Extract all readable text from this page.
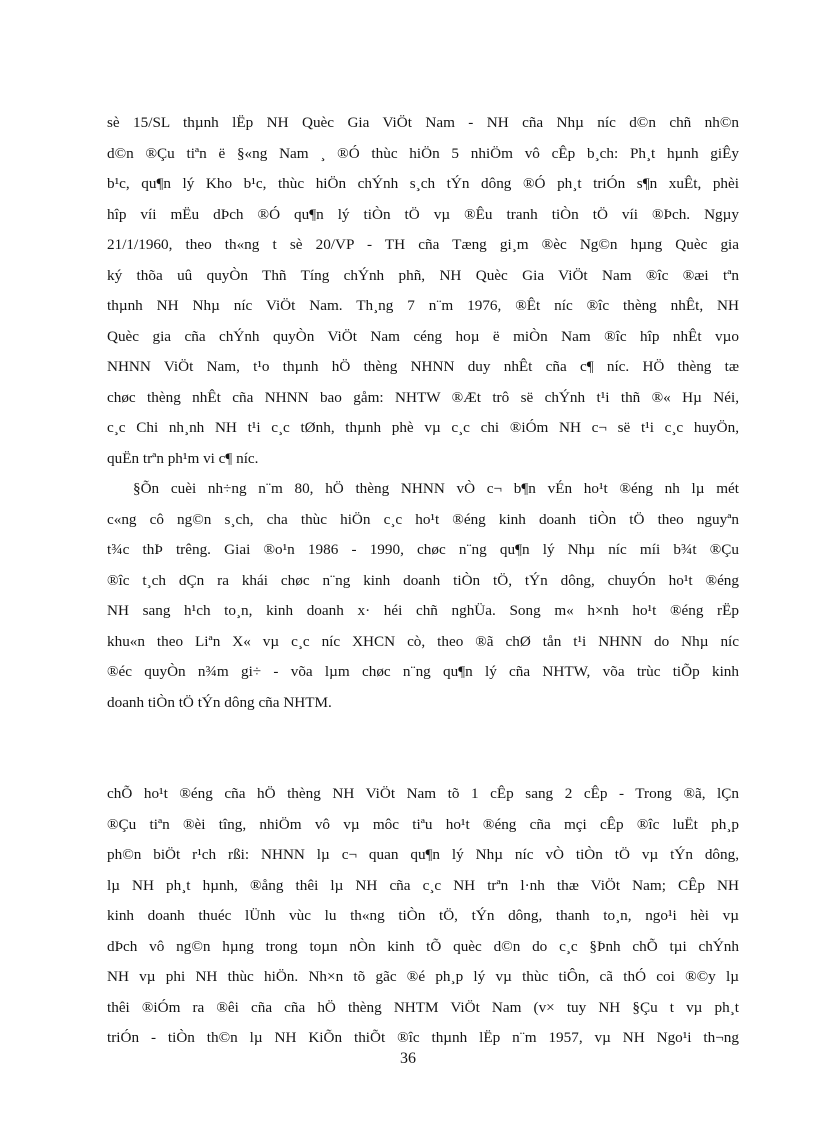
sè 15/SL thµnh lËp NH Quèc Gia ViÖt Nam - NH cña Nhµ níc d©n chñ nh©n
d©n ®Çu tiªn ë §«ng Nam ¸ ®Ó thùc hiÖn 5 nhiÖm vô cÊp b¸ch: Ph¸t hµnh giÊy
b¹c, qu¶n lý Kho b¹c, thùc hiÖn chÝnh s¸ch tÝn dông ®Ó ph¸t triÓn s¶n xuÊt, phèi
hîp víi mËu dÞch ®Ó qu¶n lý tiÒn tÖ vµ ®Êu tranh tiÒn tÖ víi ®Þch. Ngµy
21/1/1960, theo th«ng t sè 20/VP - TH cña Tæng gi¸m ®èc Ng©n hµng Quèc gia
ký thõa uû quyÒn Thñ Tíng chÝnh phñ, NH Quèc Gia ViÖt Nam ®îc ®æi tªn
thµnh NH Nhµ níc ViÖt Nam. Th¸ng 7 n¨m 1976, ®Êt níc ®îc thèng nhÊt, NH
Quèc gia cña chÝnh quyÒn ViÖt Nam céng hoµ ë miÒn Nam ®îc hîp nhÊt vµo
NHNN ViÖt Nam, t¹o thµnh hÖ thèng NHNN duy nhÊt cña c¶ níc. HÖ thèng tæ
chøc thèng nhÊt cña NHNN bao gåm: NHTW ®Æt trô së chÝnh t¹i thñ ®« Hµ Néi,
c¸c Chi nh¸nh NH t¹i c¸c tØnh, thµnh phè vµ c¸c chi ®iÓm NH c¬ së t¹i c¸c huyÖn,
quËn trªn ph¹m vi c¶ níc.
§Õn cuèi nh÷ng n¨m 80, hÖ thèng NHNN vÒ c¬ b¶n vÉn ho¹t ®éng nh lµ mét
c«ng cô ng©n s¸ch, cha thùc hiÖn c¸c ho¹t ®éng kinh doanh tiÒn tÖ theo nguyªn
t¾c thÞ trêng. Giai ®o¹n 1986 - 1990, chøc n¨ng qu¶n lý Nhµ níc míi b¾t ®Çu
®îc t¸ch dÇn ra khái chøc n¨ng kinh doanh tiÒn tÖ, tÝn dông, chuyÓn ho¹t ®éng
NH sang h¹ch to¸n, kinh doanh x· héi chñ nghÜa. Song m« h×nh ho¹t ®éng rËp
khu«n theo Liªn X« vµ c¸c níc XHCN cò, theo ®ã chØ tån t¹i NHNN do Nhµ níc
®éc quyÒn n¾m gi÷ - võa lµm chøc n¨ng qu¶n lý cña NHTW, võa trùc tiÕp kinh
doanh tiÒn tÖ tÝn dông cña NHTM.

chÕ ho¹t ®éng cña hÖ thèng NH ViÖt Nam tõ 1 cÊp sang 2 cÊp - Trong ®ã, lÇn
®Çu tiªn ®èi tîng, nhiÖm vô vµ môc tiªu ho¹t ®éng cña mçi cÊp ®îc luËt ph¸p
ph©n biÖt r¹ch rßi: NHNN lµ c¬ quan qu¶n lý Nhµ níc vÒ tiÒn tÖ vµ tÝn dông,
lµ NH ph¸t hµnh, ®ång thêi lµ NH cña c¸c NH trªn l·nh thæ ViÖt Nam; CÊp NH
kinh doanh thuéc lÜnh vùc lu th«ng tiÒn tÖ, tÝn dông, thanh to¸n, ngo¹i hèi vµ
dÞch vô ng©n hµng trong toµn nÒn kinh tÕ quèc d©n do c¸c §Þnh chÕ tµi chÝnh
NH vµ phi NH thùc hiÖn. Nh×n tõ gãc ®é ph¸p lý vµ thùc tiÔn, cã thÓ coi ®©y lµ
thêi ®iÓm ra ®êi cña cña hÖ thèng NHTM ViÖt Nam (v× tuy NH §Çu t vµ ph¸t
triÓn - tiÒn th©n lµ NH KiÕn thiÕt ®îc thµnh lËp n¨m 1957, vµ NH Ngo¹i th¬ng
36
